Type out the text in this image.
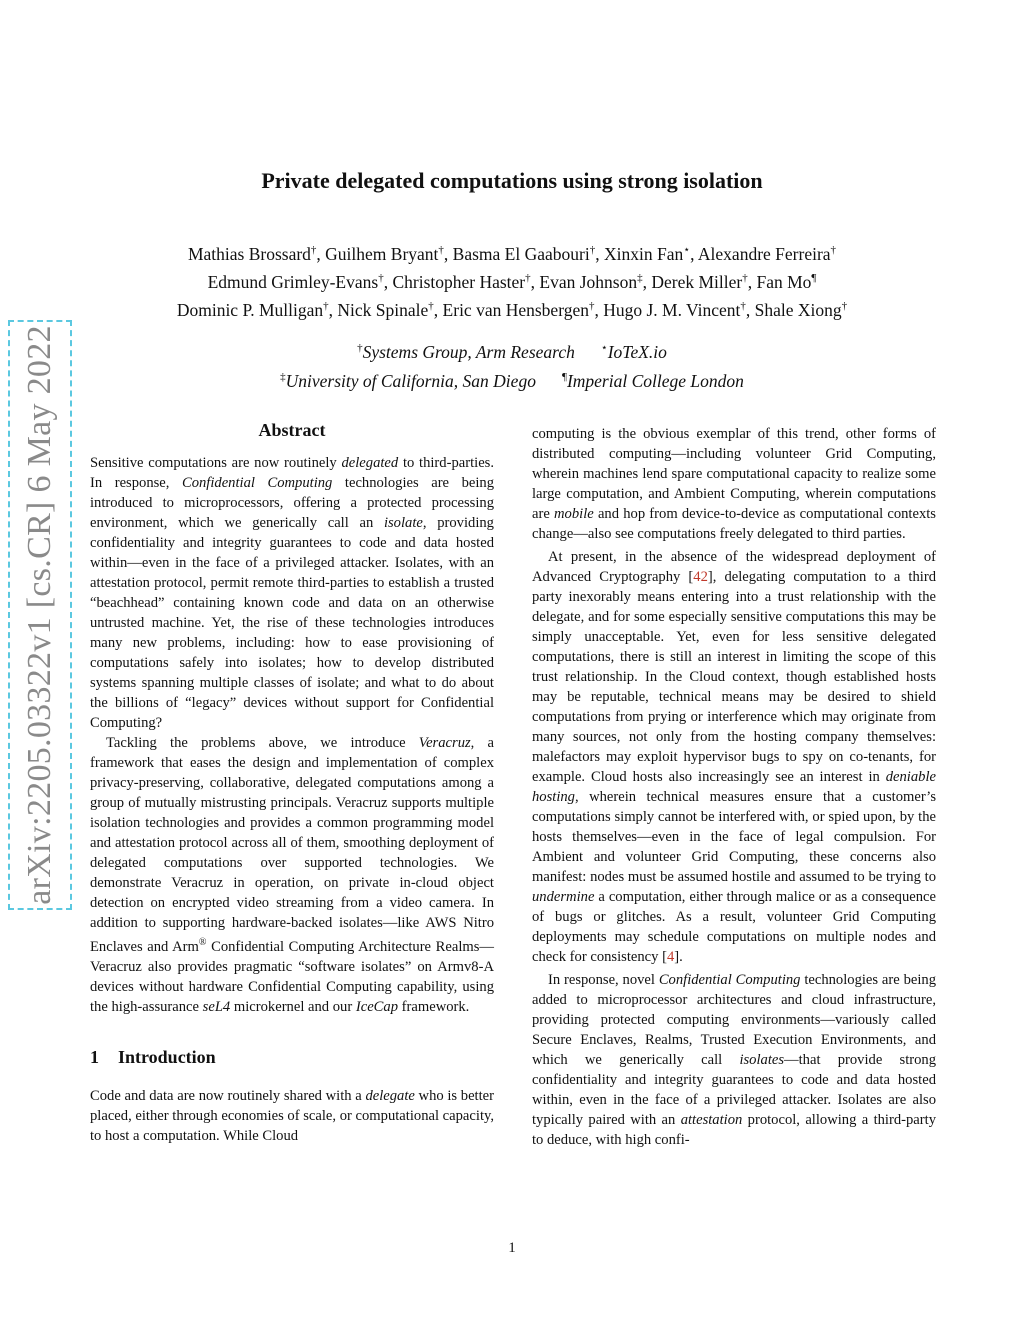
arXiv:2205.03322v1 [cs.CR] 6 May 2022
Private delegated computations using strong isolation
Mathias Brossard†, Guilhem Bryant†, Basma El Gaabouri†, Xinxin Fan⋆, Alexandre Ferreira†
Edmund Grimley-Evans†, Christopher Haster†, Evan Johnson‡, Derek Miller†, Fan Mo¶
Dominic P. Mulligan†, Nick Spinale†, Eric van Hensbergen†, Hugo J. M. Vincent†, Shale Xiong†
†Systems Group, Arm Research ⋆IoTeX.io
‡University of California, San Diego ¶Imperial College London
Abstract

Sensitive computations are now routinely delegated to third-parties. In response, Confidential Computing technologies are being introduced to microprocessors, offering a protected processing environment, which we generically call an isolate, providing confidentiality and integrity guarantees to code and data hosted within—even in the face of a privileged attacker. Isolates, with an attestation protocol, permit remote third-parties to establish a trusted “beachhead” containing known code and data on an otherwise untrusted machine. Yet, the rise of these technologies introduces many new problems, including: how to ease provisioning of computations safely into isolates; how to develop distributed systems spanning multiple classes of isolate; and what to do about the billions of “legacy” devices without support for Confidential Computing?

Tackling the problems above, we introduce Veracruz, a framework that eases the design and implementation of complex privacy-preserving, collaborative, delegated computations among a group of mutually mistrusting principals. Veracruz supports multiple isolation technologies and provides a common programming model and attestation protocol across all of them, smoothing deployment of delegated computations over supported technologies. We demonstrate Veracruz in operation, on private in-cloud object detection on encrypted video streaming from a video camera. In addition to supporting hardware-backed isolates—like AWS Nitro Enclaves and Arm® Confidential Computing Architecture Realms—Veracruz also provides pragmatic “software isolates” on Armv8-A devices without hardware Confidential Computing capability, using the high-assurance seL4 microkernel and our IceCap framework.

1 Introduction

Code and data are now routinely shared with a delegate who is better placed, either through economies of scale, or computational capacity, to host a computation. While Cloud

computing is the obvious exemplar of this trend, other forms of distributed computing—including volunteer Grid Computing, wherein machines lend spare computational capacity to realize some large computation, and Ambient Computing, wherein computations are mobile and hop from device-to-device as computational contexts change—also see computations freely delegated to third parties.

At present, in the absence of the widespread deployment of Advanced Cryptography [42], delegating computation to a third party inexorably means entering into a trust relationship with the delegate, and for some especially sensitive computations this may be simply unacceptable. Yet, even for less sensitive delegated computations, there is still an interest in limiting the scope of this trust relationship. In the Cloud context, though established hosts may be reputable, technical means may be desired to shield computations from prying or interference which may originate from many sources, not only from the hosting company themselves: malefactors may exploit hypervisor bugs to spy on co-tenants, for example. Cloud hosts also increasingly see an interest in deniable hosting, wherein technical measures ensure that a customer’s computations simply cannot be interfered with, or spied upon, by the hosts themselves—even in the face of legal compulsion. For Ambient and volunteer Grid Computing, these concerns also manifest: nodes must be assumed hostile and assumed to be trying to undermine a computation, either through malice or as a consequence of bugs or glitches. As a result, volunteer Grid Computing deployments may schedule computations on multiple nodes and check for consistency [4].

In response, novel Confidential Computing technologies are being added to microprocessor architectures and cloud infrastructure, providing protected computing environments—variously called Secure Enclaves, Realms, Trusted Execution Environments, and which we generically call isolates—that provide strong confidentiality and integrity guarantees to code and data hosted within, even in the face of a privileged attacker. Isolates are also typically paired with an attestation protocol, allowing a third-party to deduce, with high confi-

1
